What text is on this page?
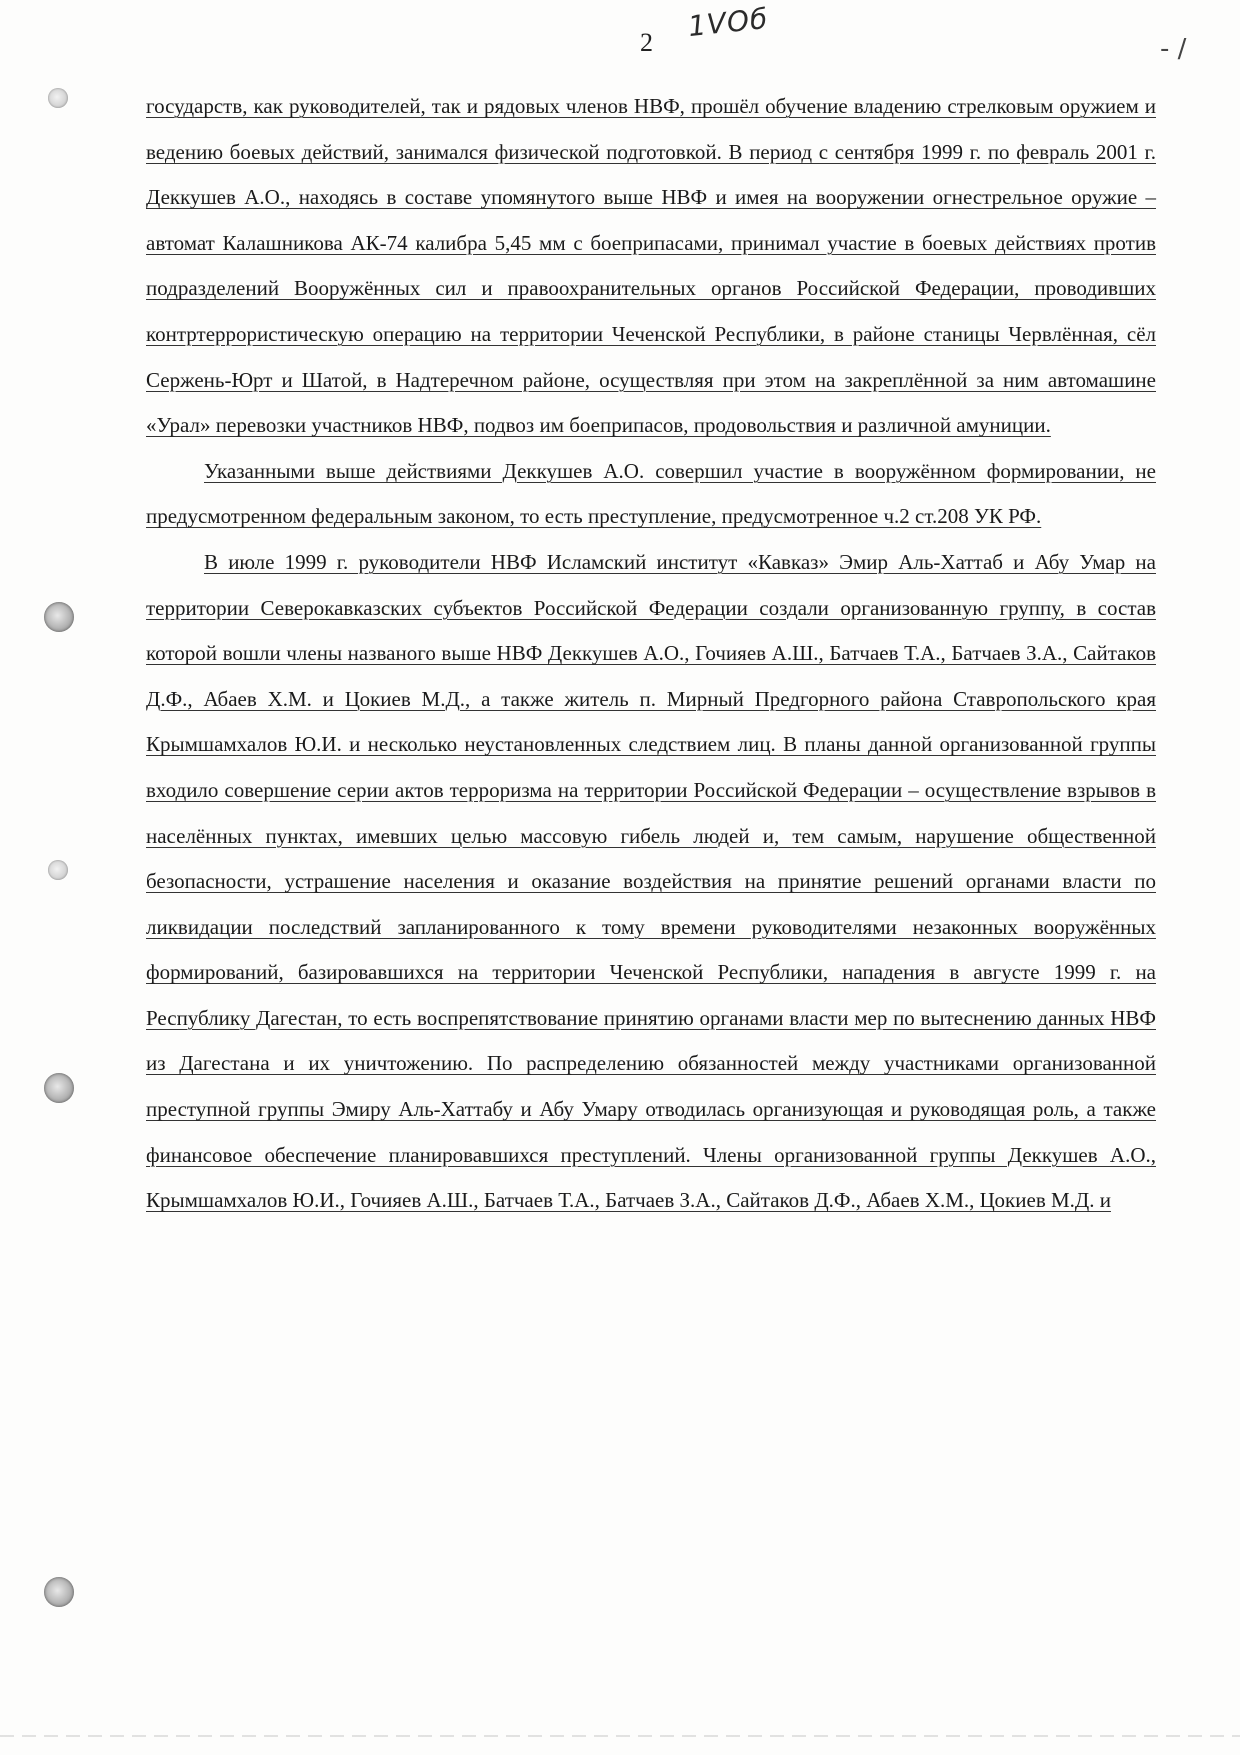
2 1VОб
- /

государств, как руководителей, так и рядовых членов НВФ, прошёл обучение владению стрелковым оружием и ведению боевых действий, занимался физической подготовкой. В период с сентября 1999 г. по февраль 2001 г. Деккушев А.О., находясь в составе упомянутого выше НВФ и имея на вооружении огнестрельное оружие – автомат Калашникова АК-74 калибра 5,45 мм с боеприпасами, принимал участие в боевых действиях против подразделений Вооружённых сил и правоохранительных органов Российской Федерации, проводивших контртеррористическую операцию на территории Чеченской Республики, в районе станицы Червлённая, сёл Сержень-Юрт и Шатой, в Надтеречном районе, осуществляя при этом на закреплённой за ним автомашине «Урал» перевозки участников НВФ, подвоз им боеприпасов, продовольствия и различной амуниции.

Указанными выше действиями Деккушев А.О. совершил участие в вооружённом формировании, не предусмотренном федеральным законом, то есть преступление, предусмотренное ч.2 ст.208 УК РФ.

В июле 1999 г. руководители НВФ Исламский институт «Кавказ» Эмир Аль-Хаттаб и Абу Умар на территории Северокавказских субъектов Российской Федерации создали организованную группу, в состав которой вошли члены названого выше НВФ Деккушев А.О., Гочияев А.Ш., Батчаев Т.А., Батчаев З.А., Сайтаков Д.Ф., Абаев Х.М. и Цокиев М.Д., а также житель п. Мирный Предгорного района Ставропольского края Крымшамхалов Ю.И. и несколько неустановленных следствием лиц. В планы данной организованной группы входило совершение серии актов терроризма на территории Российской Федерации – осуществление взрывов в населённых пунктах, имевших целью массовую гибель людей и, тем самым, нарушение общественной безопасности, устрашение населения и оказание воздействия на принятие решений органами власти по ликвидации последствий запланированного к тому времени руководителями незаконных вооружённых формирований, базировавшихся на территории Чеченской Республики, нападения в августе 1999 г. на Республику Дагестан, то есть воспрепятствование принятию органами власти мер по вытеснению данных НВФ из Дагестана и их уничтожению. По распределению обязанностей между участниками организованной преступной группы Эмиру Аль-Хаттабу и Абу Умару отводилась организующая и руководящая роль, а также финансовое обеспечение планировавшихся преступлений. Члены организованной группы Деккушев А.О., Крымшамхалов Ю.И., Гочияев А.Ш., Батчаев Т.А., Батчаев З.А., Сайтаков Д.Ф., Абаев Х.М., Цокиев М.Д. и
